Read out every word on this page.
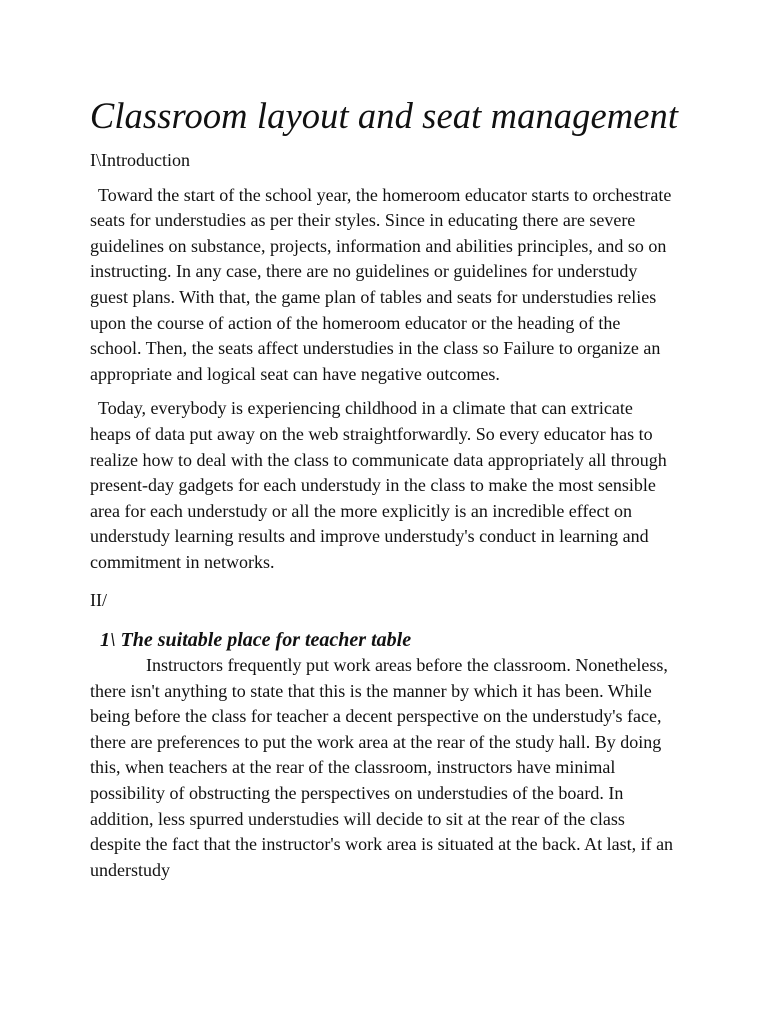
Classroom layout and seat management

I\Introduction

Toward the start of the school year, the homeroom educator starts to orchestrate seats for understudies as per their styles. Since in educating there are severe guidelines on substance, projects, information and abilities principles, and so on instructing. In any case, there are no guidelines or guidelines for understudy guest plans. With that, the game plan of tables and seats for understudies relies upon the course of action of the homeroom educator or the heading of the school. Then, the seats affect understudies in the class so Failure to organize an appropriate and logical seat can have negative outcomes.

Today, everybody is experiencing childhood in a climate that can extricate heaps of data put away on the web straightforwardly. So every educator has to realize how to deal with the class to communicate data appropriately all through present-day gadgets for each understudy in the class to make the most sensible area for each understudy or all the more explicitly is an incredible effect on understudy learning results and improve understudy's conduct in learning and commitment in networks.

II/

1\ The suitable place for teacher table

Instructors frequently put work areas before the classroom. Nonetheless, there isn't anything to state that this is the manner by which it has been. While being before the class for teacher a decent perspective on the understudy's face, there are preferences to put the work area at the rear of the study hall. By doing this, when teachers at the rear of the classroom, instructors have minimal possibility of obstructing the perspectives on understudies of the board. In addition, less spurred understudies will decide to sit at the rear of the class despite the fact that the instructor's work area is situated at the back. At last, if an understudy
